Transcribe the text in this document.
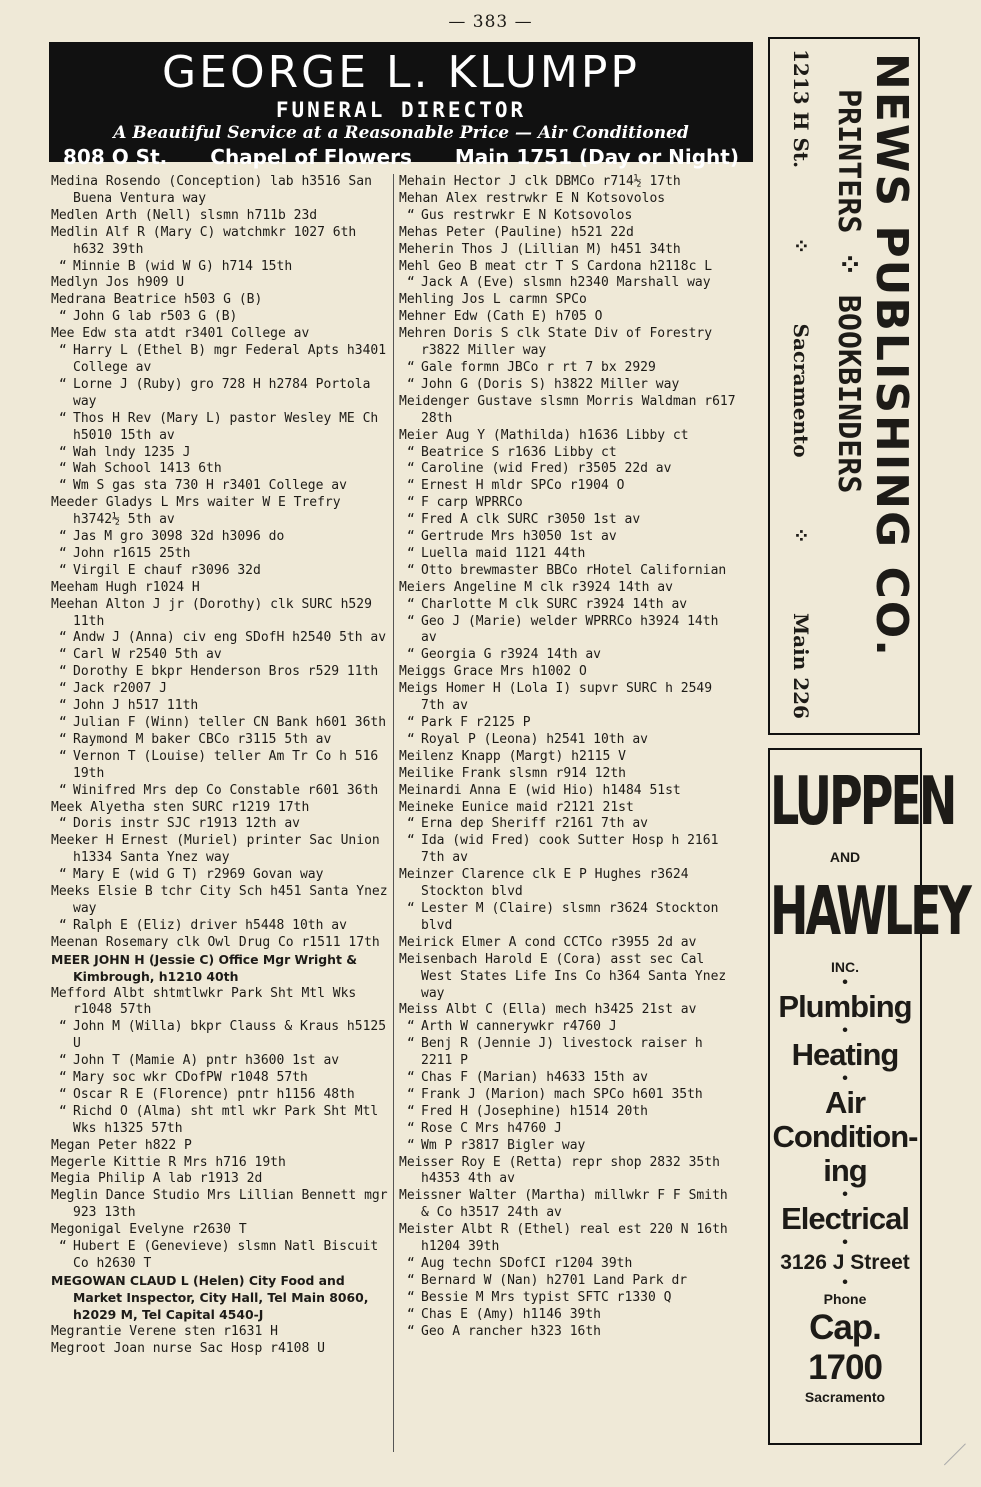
— 383 —
GEORGE L. KLUMPP
FUNERAL DIRECTOR
A Beautiful Service at a Reasonable Price — Air Conditioned
808 O St. Chapel of Flowers Main 1751 (Day or Night)

Medina Rosendo (Conception) lab h3516 San Buena Ventura way

Medlen Arth (Nell) slsmn h711b 23d

Medlin Alf R (Mary C) watchmkr 1027 6th h632 39th

“ Minnie B (wid W G) h714 15th

Medlyn Jos h909 U

Medrana Beatrice h503 G (B)

“ John G lab r503 G (B)

Mee Edw sta atdt r3401 College av

“ Harry L (Ethel B) mgr Federal Apts h3401 College av

“ Lorne J (Ruby) gro 728 H h2784 Portola way

“ Thos H Rev (Mary L) pastor Wesley ME Ch h5010 15th av

“ Wah lndy 1235 J

“ Wah School 1413 6th

“ Wm S gas sta 730 H r3401 College av

Meeder Gladys L Mrs waiter W E Trefry h3742½ 5th av

“ Jas M gro 3098 32d h3096 do

“ John r1615 25th

“ Virgil E chauf r3096 32d

Meeham Hugh r1024 H

Meehan Alton J jr (Dorothy) clk SURC h529 11th

“ Andw J (Anna) civ eng SDofH h2540 5th av

“ Carl W r2540 5th av

“ Dorothy E bkpr Henderson Bros r529 11th

“ Jack r2007 J

“ John J h517 11th

“ Julian F (Winn) teller CN Bank h601 36th

“ Raymond M baker CBCo r3115 5th av

“ Vernon T (Louise) teller Am Tr Co h 516 19th

“ Winifred Mrs dep Co Constable r601 36th

Meek Alyetha sten SURC r1219 17th

“ Doris instr SJC r1913 12th av

Meeker H Ernest (Muriel) printer Sac Union h1334 Santa Ynez way

“ Mary E (wid G T) r2969 Govan way

Meeks Elsie B tchr City Sch h451 Santa Ynez way

“ Ralph E (Eliz) driver h5448 10th av

Meenan Rosemary clk Owl Drug Co r1511 17th

MEER JOHN H (Jessie C) Office Mgr Wright & Kimbrough, h1210 40th

Mefford Albt shtmtlwkr Park Sht Mtl Wks r1048 57th

“ John M (Willa) bkpr Clauss & Kraus h5125 U

“ John T (Mamie A) pntr h3600 1st av

“ Mary soc wkr CDofPW r1048 57th

“ Oscar R E (Florence) pntr h1156 48th

“ Richd O (Alma) sht mtl wkr Park Sht Mtl Wks h1325 57th

Megan Peter h822 P

Megerle Kittie R Mrs h716 19th

Megia Philip A lab r1913 2d

Meglin Dance Studio Mrs Lillian Bennett mgr 923 13th

Megonigal Evelyne r2630 T

“ Hubert E (Genevieve) slsmn Natl Biscuit Co h2630 T

MEGOWAN CLAUD L (Helen) City Food and Market Inspector, City Hall, Tel Main 8060, h2029 M, Tel Capital 4540-J

Megrantie Verene sten r1631 H

Megroot Joan nurse Sac Hosp r4108 U

Mehain Hector J clk DBMCo r714½ 17th

Mehan Alex restrwkr E N Kotsovolos

“ Gus restrwkr E N Kotsovolos

Mehas Peter (Pauline) h521 22d

Meherin Thos J (Lillian M) h451 34th

Mehl Geo B meat ctr T S Cardona h2118c L

“ Jack A (Eve) slsmn h2340 Marshall way

Mehling Jos L carmn SPCo

Mehner Edw (Cath E) h705 O

Mehren Doris S clk State Div of Forestry r3822 Miller way

“ Gale formn JBCo r rt 7 bx 2929

“ John G (Doris S) h3822 Miller way

Meidenger Gustave slsmn Morris Waldman r617 28th

Meier Aug Y (Mathilda) h1636 Libby ct

“ Beatrice S r1636 Libby ct

“ Caroline (wid Fred) r3505 22d av

“ Ernest H mldr SPCo r1904 O

“ F carp WPRRCo

“ Fred A clk SURC r3050 1st av

“ Gertrude Mrs h3050 1st av

“ Luella maid 1121 44th

“ Otto brewmaster BBCo rHotel Californian

Meiers Angeline M clk r3924 14th av

“ Charlotte M clk SURC r3924 14th av

“ Geo J (Marie) welder WPRRCo h3924 14th av

“ Georgia G r3924 14th av

Meiggs Grace Mrs h1002 O

Meigs Homer H (Lola I) supvr SURC h 2549 7th av

“ Park F r2125 P

“ Royal P (Leona) h2541 10th av

Meilenz Knapp (Margt) h2115 V

Meilike Frank slsmn r914 12th

Meinardi Anna E (wid Hio) h1484 51st

Meineke Eunice maid r2121 21st

“ Erna dep Sheriff r2161 7th av

“ Ida (wid Fred) cook Sutter Hosp h 2161 7th av

Meinzer Clarence clk E P Hughes r3624 Stockton blvd

“ Lester M (Claire) slsmn r3624 Stockton blvd

Meirick Elmer A cond CCTCo r3955 2d av

Meisenbach Harold E (Cora) asst sec Cal West States Life Ins Co h364 Santa Ynez way

Meiss Albt C (Ella) mech h3425 21st av

“ Arth W cannerywkr r4760 J

“ Benj R (Jennie J) livestock raiser h 2211 P

“ Chas F (Marian) h4633 15th av

“ Frank J (Marion) mach SPCo h601 35th

“ Fred H (Josephine) h1514 20th

“ Rose C Mrs h4760 J

“ Wm P r3817 Bigler way

Meisser Roy E (Retta) repr shop 2832 35th h4353 4th av

Meissner Walter (Martha) millwkr F F Smith & Co h3517 24th av

Meister Albt R (Ethel) real est 220 N 16th h1204 39th

“ Aug techn SDofCI r1204 39th

“ Bernard W (Nan) h2701 Land Park dr

“ Bessie M Mrs typist SFTC r1330 Q

“ Chas E (Amy) h1146 39th

“ Geo A rancher h323 16th

NEWS PUBLISHING CO.
PRINTERS ⁘ BOOKBINDERS
1213 H St.
⁘
Sacramento
⁘
Main 226
LUPPEN
AND
HAWLEY
INC.
•
Plumbing
•
Heating
•
Air
Condition-
ing
•
Electrical
•
3126 J Street
•
Phone
Cap. 1700
Sacramento
